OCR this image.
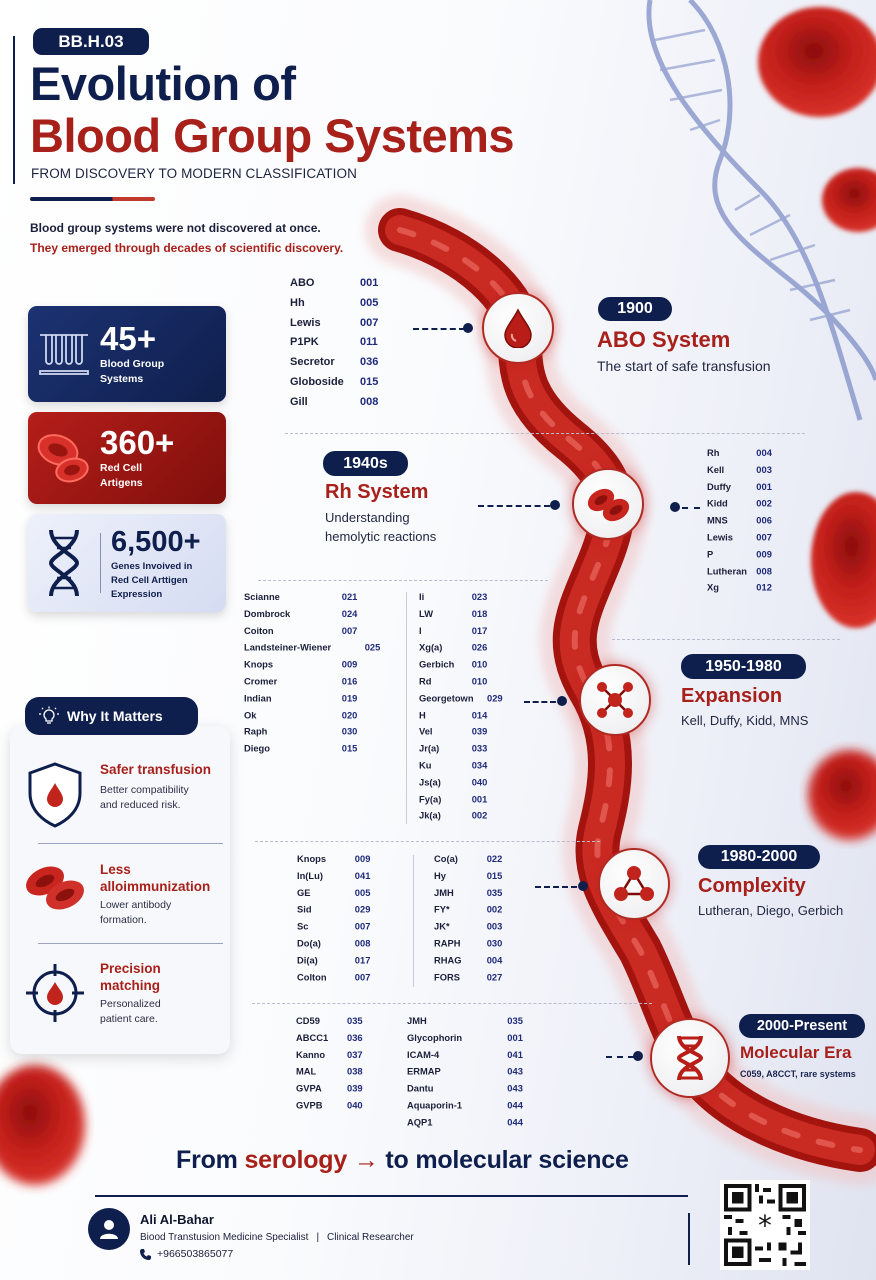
BB.H.03
Evolution of
Blood Group Systems
FROM DISCOVERY TO MODERN CLASSIFICATION
Blood group systems were not discovered at once.
They emerged through decades of scientific discovery.
45+
Blood Group
Systems
360+
Red Cell
Artigens
6,500+
Genes Invoived in
Red Cell Arttigen
Expression
ABO	001
Hh	005
Lewis	007
P1PK	011
Secretor	036
Globoside	015
Gill	008
1900
ABO System
The start of safe transfusion
1940s
Rh System
Understanding
hemolytic reactions
Rh	004
Kell	003
Duffy	001
Kidd	002
MNS	006
Lewis	007
P	009
Lutheran 008
Xg	012
Scianne	021
Dombrock	024
Coiton	007
Landsteiner-Wiener	025
Knops	009
Cromer	016
Indian	019
Ok	020
Raph	030
Diego	015
Ii	023
LW	018
I	017
Xg(a)	026
Gerbich	010
Rd	010
Georgetown	029
H	014
Vel	039
Jr(a)	033
Ku	034
Js(a)	040
Fy(a)	001
Jk(a)	002
1950-1980
Expansion
Kell, Duffy, Kidd, MNS
Why It Matters
Safer transfusion
Better compatibility
and reduced risk.
Less
alloimmunization
Lower antibody
formation.
Precision
matching
Personalized
patient care.
Knops	009
In(Lu)	041
GE	005
Sid	029
Sc	007
Do(a)	008
Di(a)	017
Colton	007
Co(a)	022
Hy	015
JMH	035
FY*	002
JK*	003
RAPH	030
RHAG	004
FORS	027
1980-2000
Complexity
Lutheran, Diego, Gerbich
CD59	035
ABCC1	036
Kanno	037
MAL	038
GVPA	039
GVPB	040
JMH	035
Glycophorin	001
ICAM-4	041
ERMAP	043
Dantu	043
Aquaporin-1	044
AQP1	044
2000-Present
Molecular Era
C059, A8CCT, rare systems
From serology → to molecular science
Ali Al-Bahar
Biood Transtusion Medicine Specialist | Clinical Researcher
+966503865077
*
